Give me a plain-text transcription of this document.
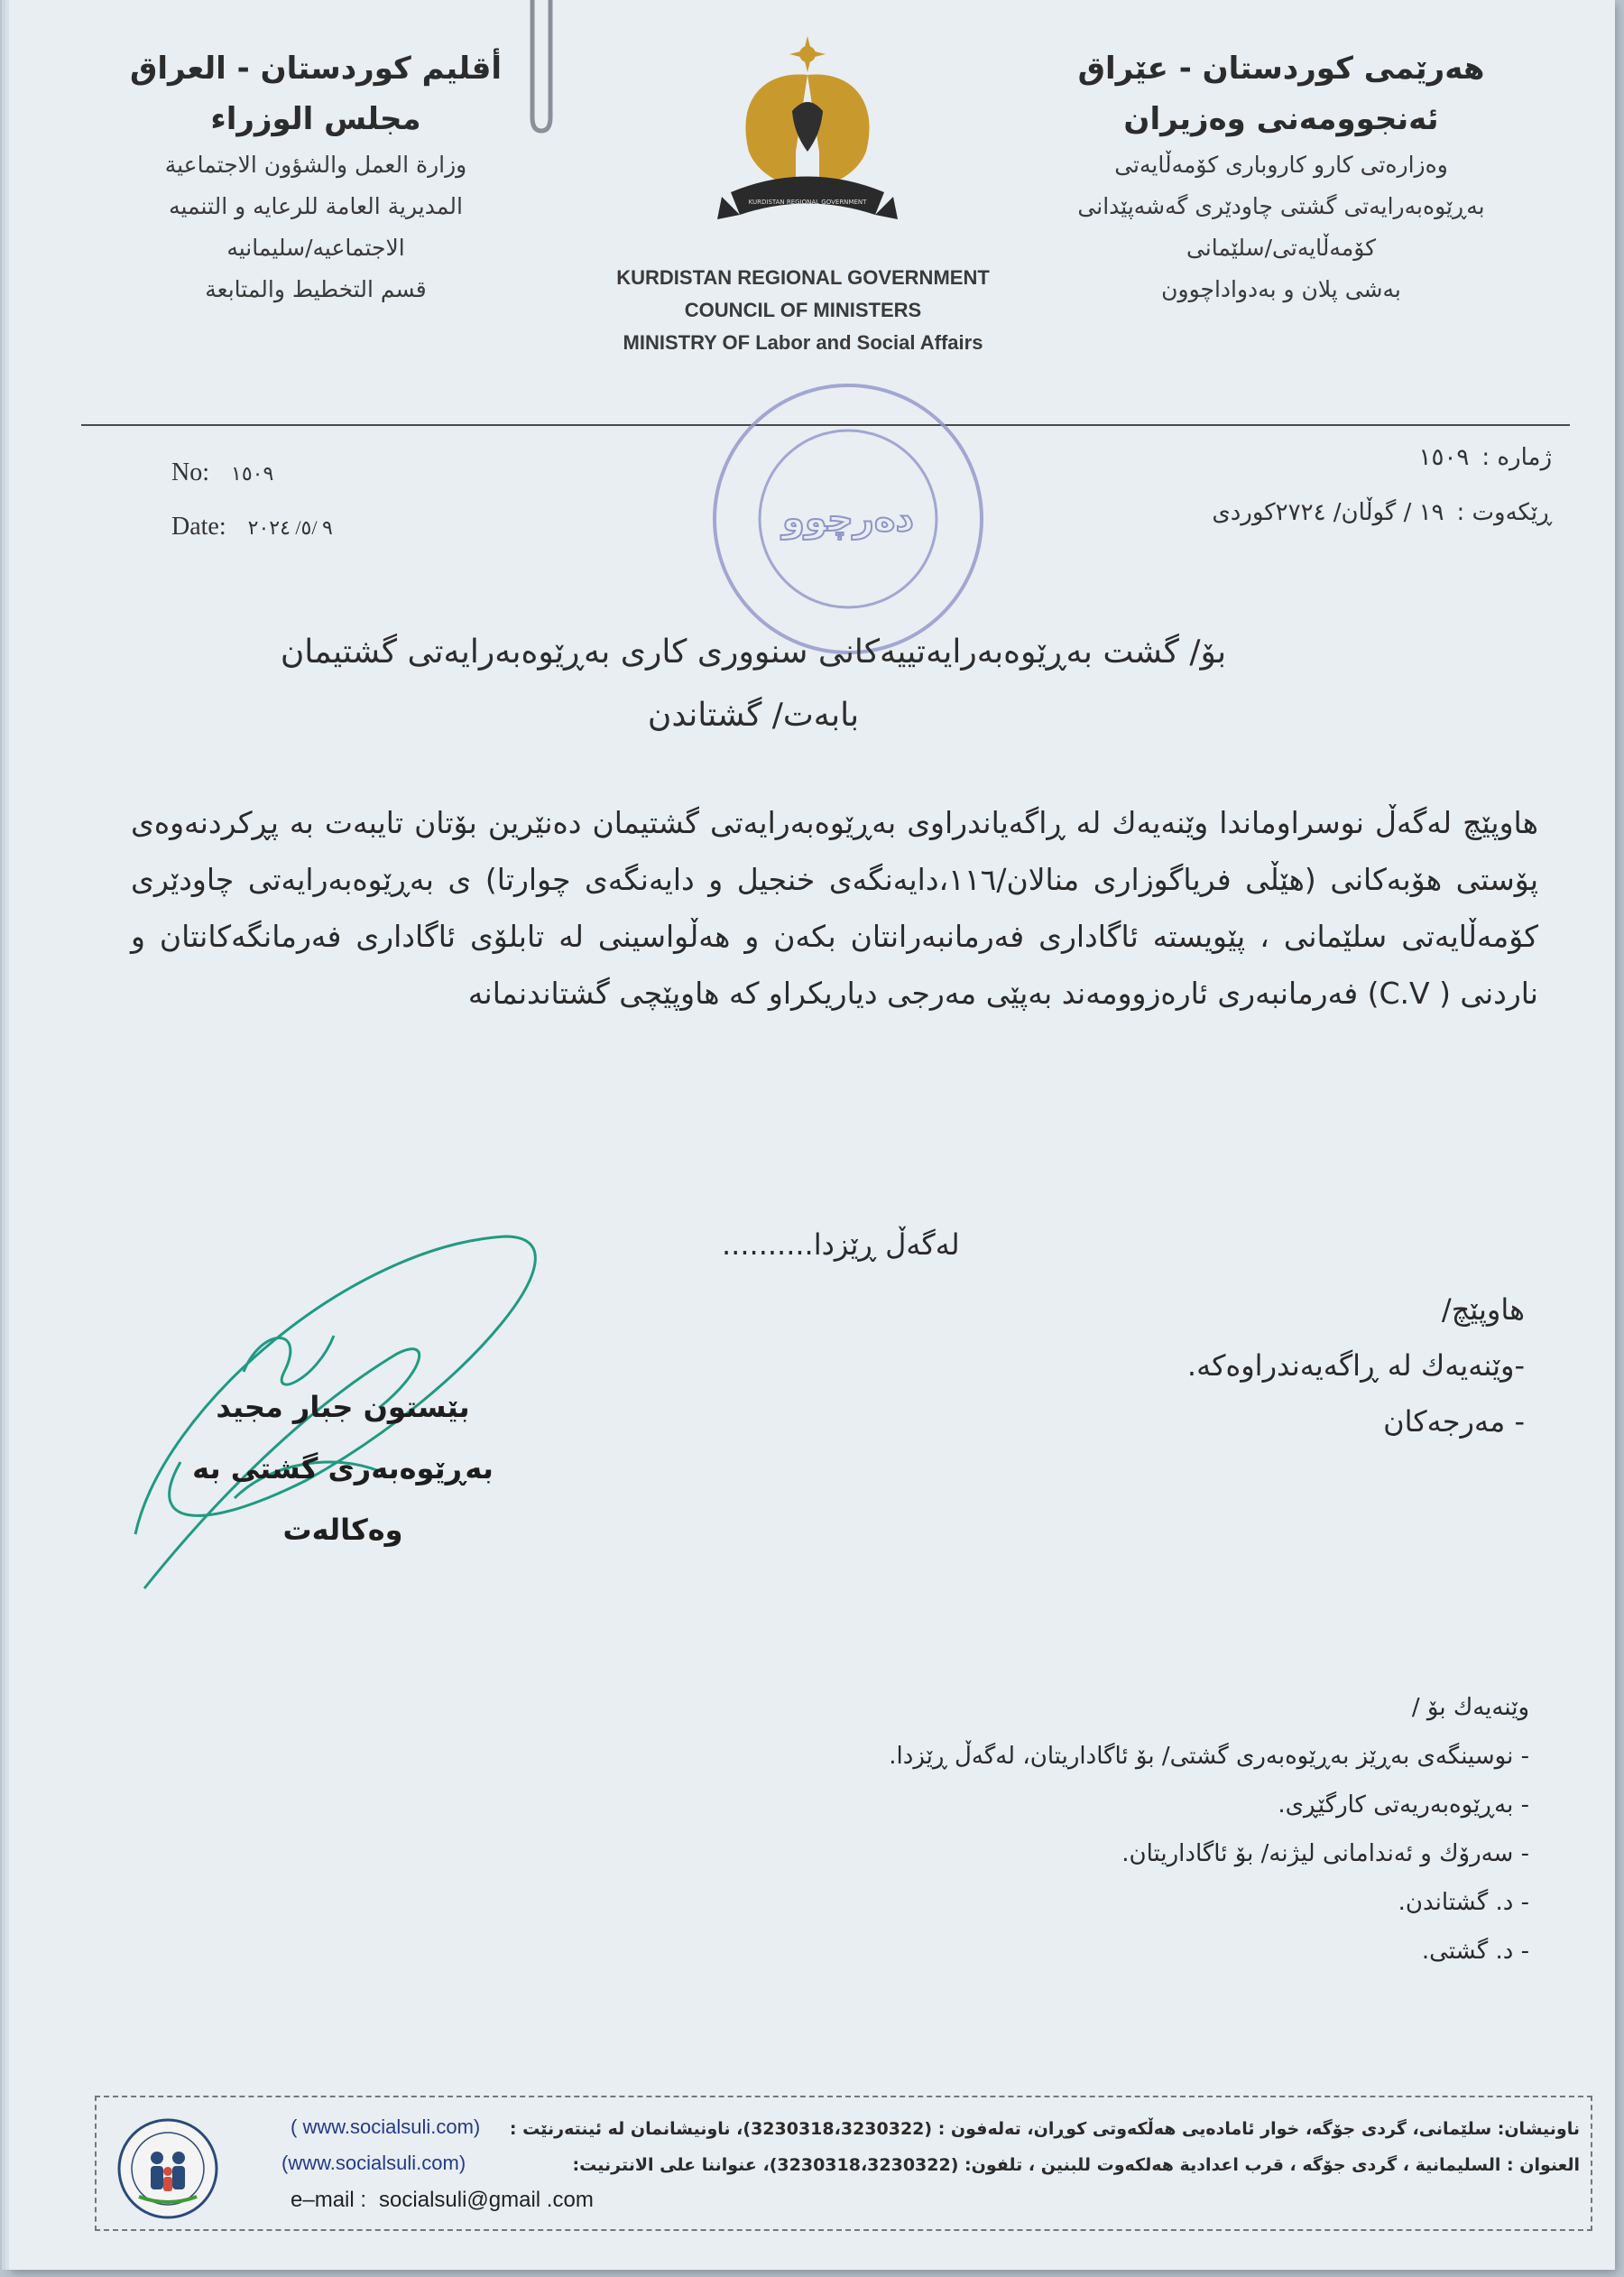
هەرێمی کوردستان - عێراق
ئەنجوومەنی وەزیران
وەزارەتی کارو کاروباری کۆمەڵایەتی
بەڕێوەبەرایەتی گشتی چاودێری گەشەپێدانی
کۆمەڵایەتی/سلێمانی
بەشی پلان و بەدواداچوون
أقليم كوردستان - العراق
مجلس الوزراء
وزارة العمل والشؤون الاجتماعية
المديرية العامة للرعايه و التنميه
الاجتماعيه/سليمانيه
قسم التخطيط والمتابعة
KURDISTAN REGIONAL GOVERNMENT
KURDISTAN REGIONAL GOVERNMENT
COUNCIL OF MINISTERS
MINISTRY OF Labor and Social Affairs
No: ١٥٠٩
Date: ٩ /٥/ ٢٠٢٤
ژمارە :١٥٠٩
ڕێکەوت :١٩ / گوڵان/ ٢٧٢٤کوردی
دەرچوو
بۆ/ گشت بەڕێوەبەرایەتییەکانی سنووری کاری بەڕێوەبەرایەتی گشتیمان
بابەت/ گشتاندن
هاوپێچ لەگەڵ نوسراوماندا وێنەیەك لە ڕاگەیاندراوی بەڕێوەبەرایەتی گشتیمان دەنێرین بۆتان تایبەت بە پڕکردنەوەی پۆستی هۆبەکانی (هێڵی فریاگوزاری منالان/١١٦،دایەنگەی خنجیل و دایەنگەی چوارتا) ی بەڕێوەبەرایەتی چاودێری کۆمەڵایەتی سلێمانی ، پێویستە ئاگاداری فەرمانبەرانتان بکەن و هەڵواسینی لە تابلۆی ئاگاداری فەرمانگەکانتان و ناردنی ( C.V) فەرمانبەری ئارەزوومەند بەپێی مەرجی دیاریکراو کە هاوپێچی گشتاندنمانە
لەگەڵ ڕێزدا..........
هاوپێچ/
-وێنەیەك لە ڕاگەیەندراوەکە.
- مەرجەکان
بێستون جبار مجید
بەڕێوەبەری گشتی بە وەکالەت
وێنەیەك بۆ /
- نوسینگەی بەڕێز بەڕێوەبەری گشتی/ بۆ ئاگاداریتان، لەگەڵ ڕێزدا.
- بەڕێوەبەریەتی کارگێڕی.
- سەرۆك و ئەندامانی لیژنە/ بۆ ئاگاداریتان.
- د. گشتاندن.
- د. گشتی.
ناونیشان: سلێمانی، گردی جۆگە، خوار ئامادەیی هەڵکەوتی کوڕان، تەلەفون : (3230318،3230322)، ناونیشانمان لە ئینتەرنێت :
العنوان : السليمانية ، گردی جۆگە ، قرب اعدادية هەلكەوت للبنين ، تلفون: (3230318،3230322)، عنواننا على الانترنيت:
( www.socialsuli.com)
(www.socialsuli.com)
e–mail : socialsuli@gmail .com
